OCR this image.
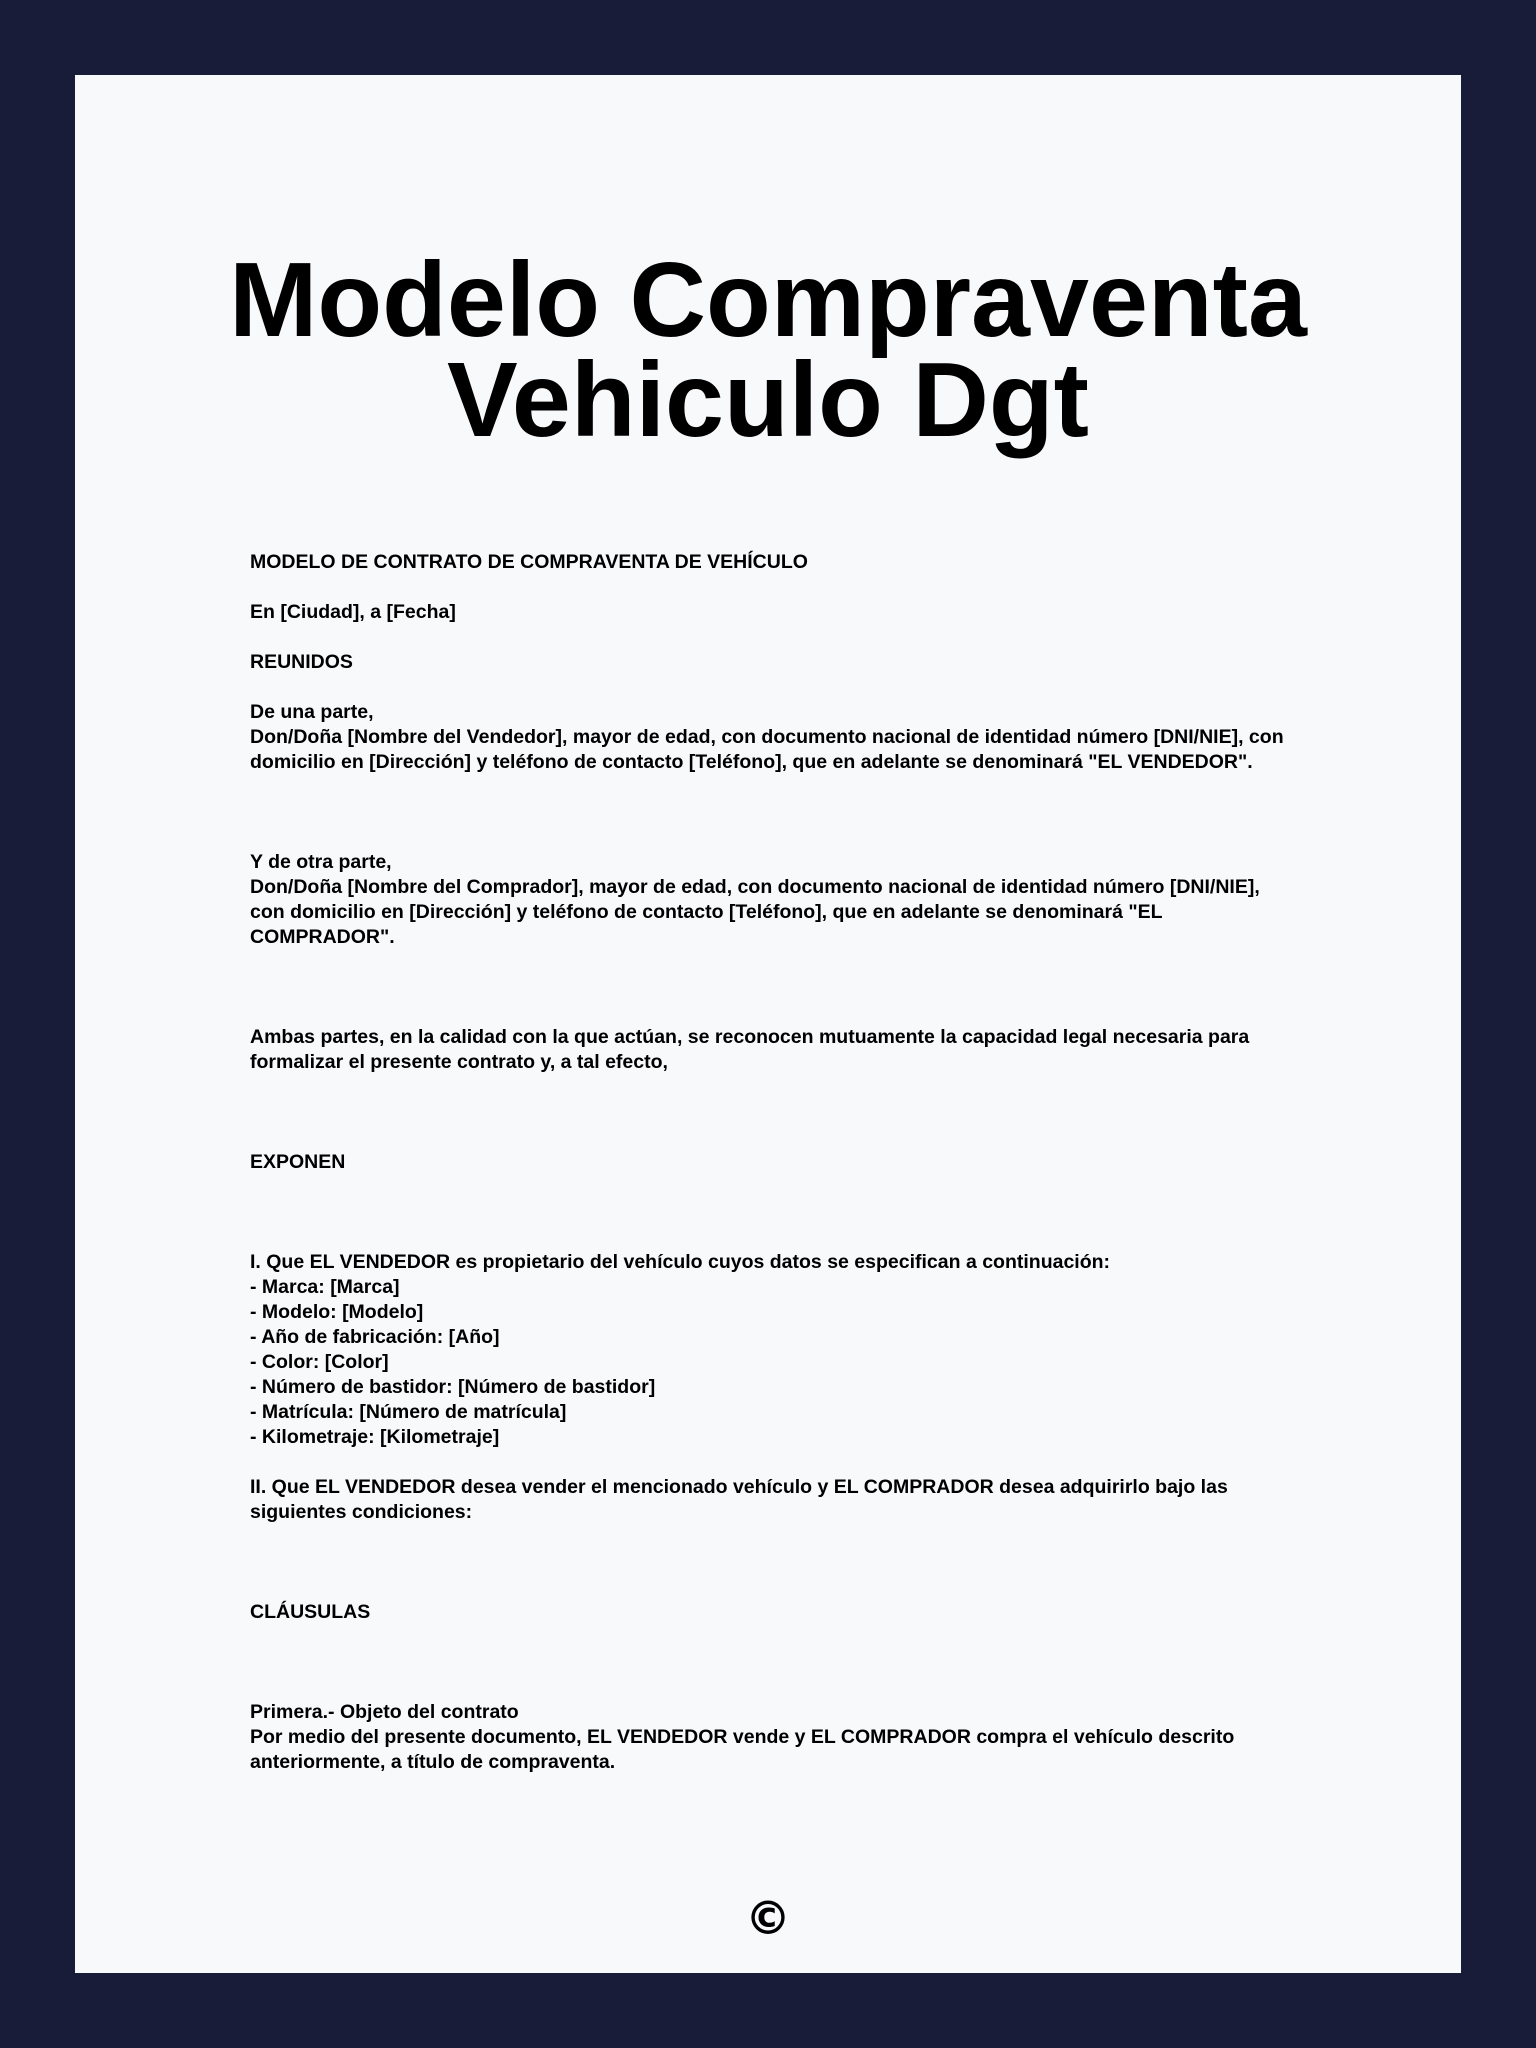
Modelo Compraventa
Vehiculo Dgt

MODELO DE CONTRATO DE COMPRAVENTA DE VEHÍCULO

En [Ciudad], a [Fecha]

REUNIDOS

De una parte,

Don/Doña [Nombre del Vendedor], mayor de edad, con documento nacional de identidad número [DNI/NIE], con domicilio en [Dirección] y teléfono de contacto [Teléfono], que en adelante se denominará "EL VENDEDOR".

Y de otra parte,

Don/Doña [Nombre del Comprador], mayor de edad, con documento nacional de identidad número [DNI/NIE], con domicilio en [Dirección] y teléfono de contacto [Teléfono], que en adelante se denominará "EL COMPRADOR".

Ambas partes, en la calidad con la que actúan, se reconocen mutuamente la capacidad legal necesaria para formalizar el presente contrato y, a tal efecto,

EXPONEN

I. Que EL VENDEDOR es propietario del vehículo cuyos datos se especifican a continuación:

- Marca: [Marca]

- Modelo: [Modelo]

- Año de fabricación: [Año]

- Color: [Color]

- Número de bastidor: [Número de bastidor]

- Matrícula: [Número de matrícula]

- Kilometraje: [Kilometraje]

II. Que EL VENDEDOR desea vender el mencionado vehículo y EL COMPRADOR desea adquirirlo bajo las siguientes condiciones:

CLÁUSULAS

Primera.- Objeto del contrato

Por medio del presente documento, EL VENDEDOR vende y EL COMPRADOR compra el vehículo descrito anteriormente, a título de compraventa.

©
